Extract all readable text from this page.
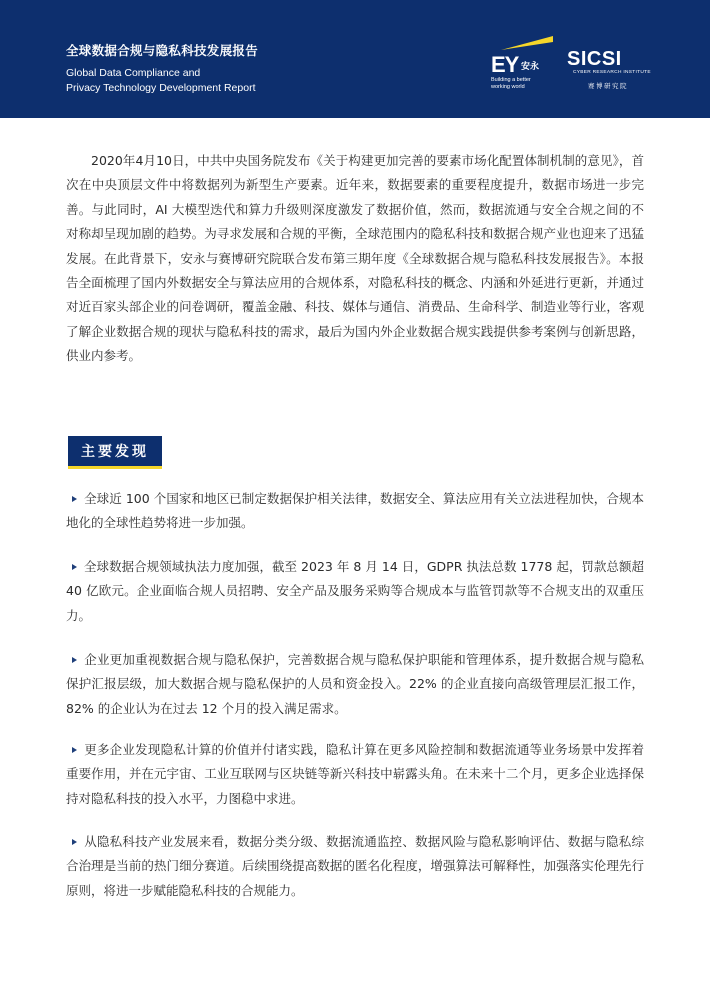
全球数据合规与隐私科技发展报告
Global Data Compliance and
Privacy Technology Development Report
EY 安永
Building a better
working world
SICSI
CYBER RESEARCH INSTITUTE
赛博研究院

2020年4月10日，中共中央国务院发布《关于构建更加完善的要素市场化配置体制机制的意见》，首次在中央顶层文件中将数据列为新型生产要素。近年来，数据要素的重要程度提升，数据市场进一步完善。与此同时，AI 大模型迭代和算力升级则深度激发了数据价值，然而，数据流通与安全合规之间的不对称却呈现加剧的趋势。为寻求发展和合规的平衡，全球范围内的隐私科技和数据合规产业也迎来了迅猛发展。在此背景下，安永与赛博研究院联合发布第三期年度《全球数据合规与隐私科技发展报告》。本报告全面梳理了国内外数据安全与算法应用的合规体系，对隐私科技的概念、内涵和外延进行更新，并通过对近百家头部企业的问卷调研，覆盖金融、科技、媒体与通信、消费品、生命科学、制造业等行业，客观了解企业数据合规的现状与隐私科技的需求，最后为国内外企业数据合规实践提供参考案例与创新思路，供业内参考。

主要发现

全球近 100 个国家和地区已制定数据保护相关法律，数据安全、算法应用有关立法进程加快，合规本地化的全球性趋势将进一步加强。

全球数据合规领域执法力度加强，截至 2023 年 8 月 14 日，GDPR 执法总数 1778 起，罚款总额超 40 亿欧元。企业面临合规人员招聘、安全产品及服务采购等合规成本与监管罚款等不合规支出的双重压力。

企业更加重视数据合规与隐私保护，完善数据合规与隐私保护职能和管理体系，提升数据合规与隐私保护汇报层级，加大数据合规与隐私保护的人员和资金投入。22% 的企业直接向高级管理层汇报工作，82% 的企业认为在过去 12 个月的投入满足需求。

更多企业发现隐私计算的价值并付诸实践，隐私计算在更多风险控制和数据流通等业务场景中发挥着重要作用，并在元宇宙、工业互联网与区块链等新兴科技中崭露头角。在未来十二个月，更多企业选择保持对隐私科技的投入水平，力图稳中求进。

从隐私科技产业发展来看，数据分类分级、数据流通监控、数据风险与隐私影响评估、数据与隐私综合治理是当前的热门细分赛道。后续围绕提高数据的匿名化程度，增强算法可解释性，加强落实伦理先行原则，将进一步赋能隐私科技的合规能力。
